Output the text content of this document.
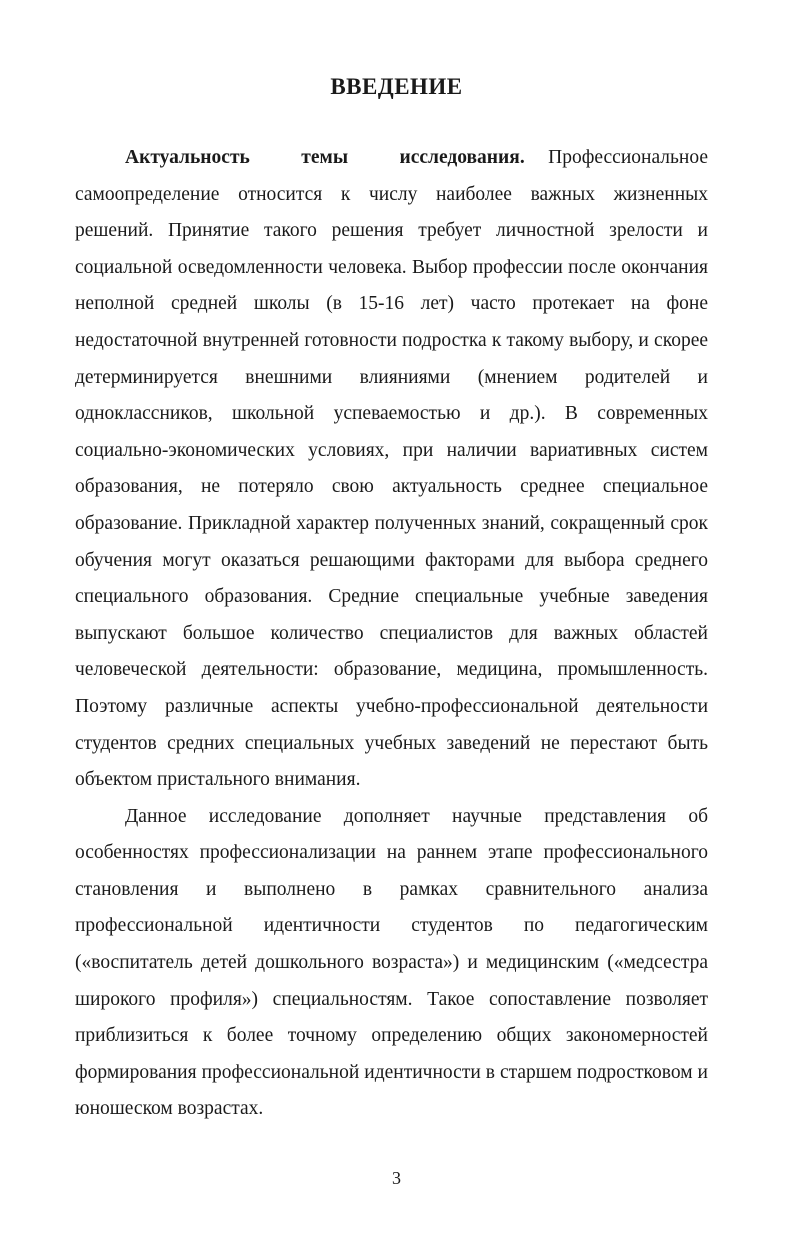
ВВЕДЕНИЕ

Актуальность темы исследования. Профессиональное самоопределение относится к числу наиболее важных жизненных решений. Принятие такого решения требует личностной зрелости и социальной осведомленности человека. Выбор профессии после окончания неполной средней школы (в 15-16 лет) часто протекает на фоне недостаточной внутренней готовности подростка к такому выбору, и скорее детерминируется внешними влияниями (мнением родителей и одноклассников, школьной успеваемостью и др.). В современных социально-экономических условиях, при наличии вариативных систем образования, не потеряло свою актуальность среднее специальное образование. Прикладной характер полученных знаний, сокращенный срок обучения могут оказаться решающими факторами для выбора среднего специального образования. Средние специальные учебные заведения выпускают большое количество специалистов для важных областей человеческой деятельности: образование, медицина, промышленность. Поэтому различные аспекты учебно-профессиональной деятельности студентов средних специальных учебных заведений не перестают быть объектом пристального внимания.

Данное исследование дополняет научные представления об особенностях профессионализации на раннем этапе профессионального становления и выполнено в рамках сравнительного анализа профессиональной идентичности студентов по педагогическим («воспитатель детей дошкольного возраста») и медицинским («медсестра широкого профиля») специальностям. Такое сопоставление позволяет приблизиться к более точному определению общих закономерностей формирования профессиональной идентичности в старшем подростковом и юношеском возрастах.

3
